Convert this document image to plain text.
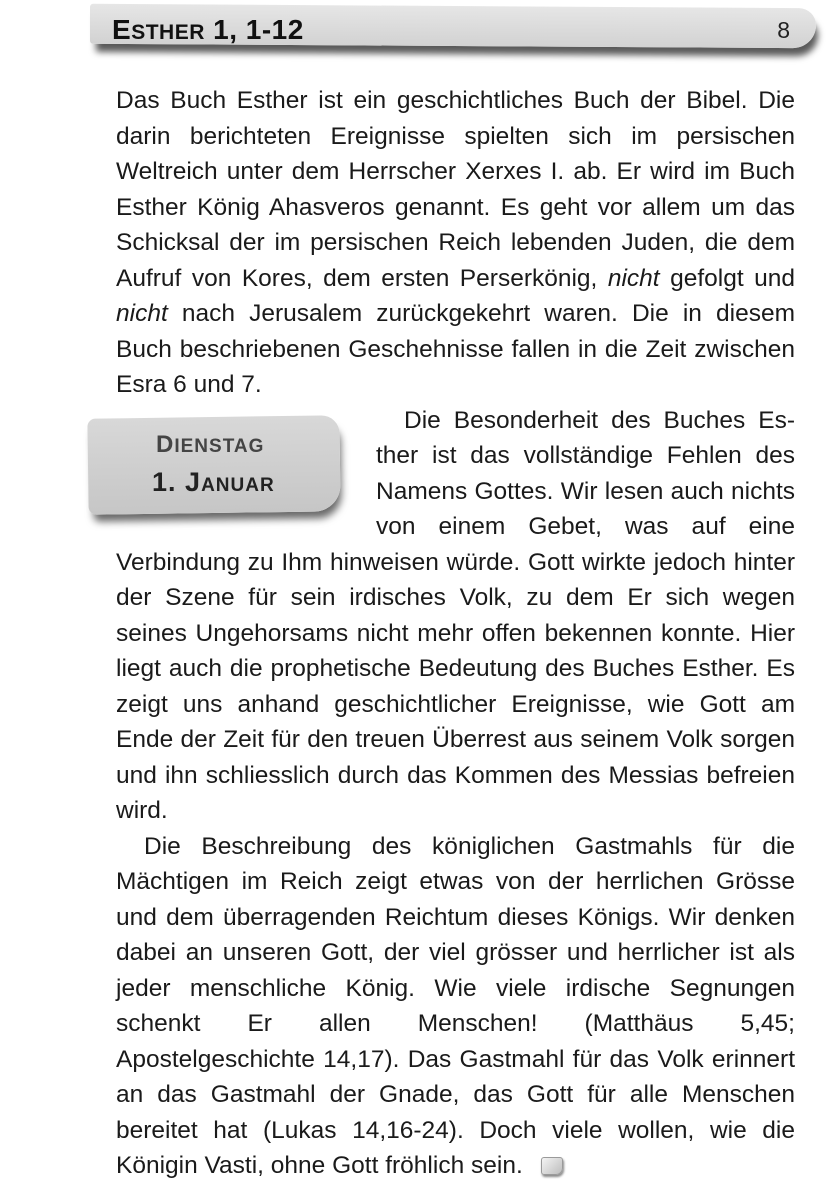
ESTHER 1, 1-12	8

Das Buch Esther ist ein geschichtliches Buch der Bibel. Die darin berichteten Ereignisse spielten sich im persischen Weltreich unter dem Herrscher Xerxes I. ab. Er wird im Buch Esther König Ahasveros genannt. Es geht vor allem um das Schicksal der im persischen Reich lebenden Juden, die dem Aufruf von Kores, dem ersten Perserkönig, nicht gefolgt und nicht nach Jerusalem zurückgekehrt waren. Die in diesem Buch beschriebenen Geschehnisse fallen in die Zeit zwischen Esra 6 und 7.

DIENSTAG
1. JANUAR
Die Besonderheit des Buches Esther ist das vollständige Fehlen des Namens Gottes. Wir lesen auch nichts von einem Gebet, was auf eine Verbindung zu Ihm hinweisen würde. Gott wirkte jedoch hinter der Szene für sein irdisches Volk, zu dem Er sich wegen seines Ungehorsams nicht mehr offen bekennen konnte. Hier liegt auch die prophetische Bedeutung des Buches Esther. Es zeigt uns anhand geschichtlicher Ereignisse, wie Gott am Ende der Zeit für den treuen Überrest aus seinem Volk sorgen und ihn schliesslich durch das Kommen des Messias befreien wird.

Die Beschreibung des königlichen Gastmahls für die Mächtigen im Reich zeigt etwas von der herrlichen Grösse und dem überragenden Reichtum dieses Königs. Wir denken dabei an unseren Gott, der viel grösser und herrlicher ist als jeder menschliche König. Wie viele irdische Segnungen schenkt Er allen Menschen! (Matthäus 5,45; Apostelgeschichte 14,17). Das Gastmahl für das Volk erinnert an das Gastmahl der Gnade, das Gott für alle Menschen bereitet hat (Lukas 14,16-24). Doch viele wollen, wie die Königin Vasti, ohne Gott fröhlich sein.
